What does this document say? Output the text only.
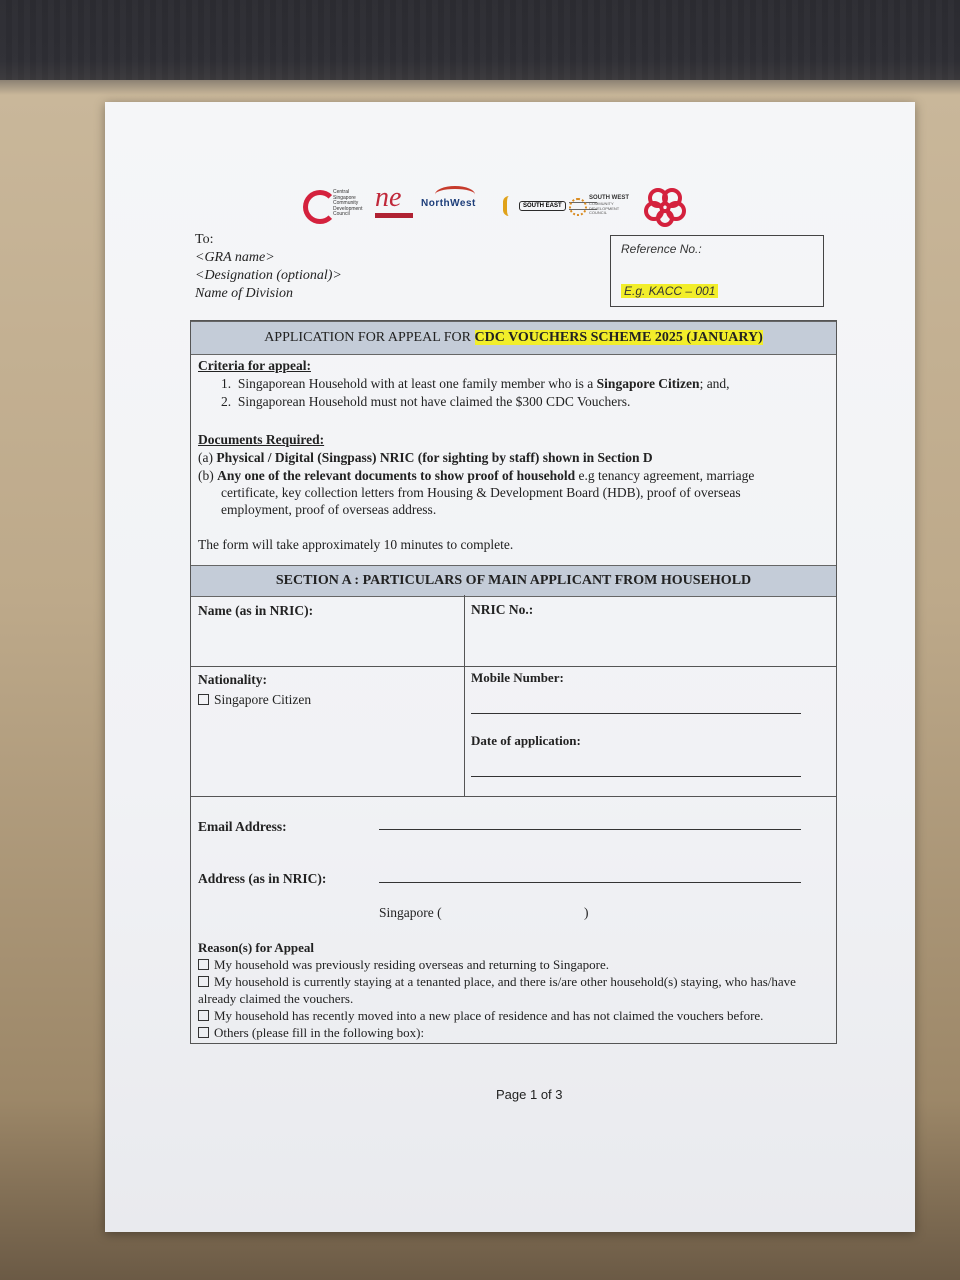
Central Singapore Community Development Council
ne	NorthWest	SOUTH EAST
SOUTH WEST
COMMUNITY DEVELOPMENT COUNCIL
To:
<GRA name>
<Designation (optional)>
Name of Division
Reference No.:
E.g. KACC – 001
APPLICATION FOR APPEAL FOR CDC VOUCHERS SCHEME 2025 (JANUARY)
Criteria for appeal:
1. Singaporean Household with at least one family member who is a Singapore Citizen; and,
2. Singaporean Household must not have claimed the $300 CDC Vouchers.
Documents Required:
(a) Physical / Digital (Singpass) NRIC (for sighting by staff) shown in Section D
(b) Any one of the relevant documents to show proof of household e.g tenancy agreement, marriage
certificate, key collection letters from Housing & Development Board (HDB), proof of overseas
employment, proof of overseas address.
The form will take approximately 10 minutes to complete.
SECTION A : PARTICULARS OF MAIN APPLICANT FROM HOUSEHOLD
Name (as in NRIC):	NRIC No.:
Nationality:
Singapore Citizen
Mobile Number:
Date of application:
Email Address:
Address (as in NRIC):
Singapore (	)
Reason(s) for Appeal
My household was previously residing overseas and returning to Singapore.
My household is currently staying at a tenanted place, and there is/are other household(s) staying, who has/have
already claimed the vouchers.
My household has recently moved into a new place of residence and has not claimed the vouchers before.
Others (please fill in the following box):
Page 1 of 3
